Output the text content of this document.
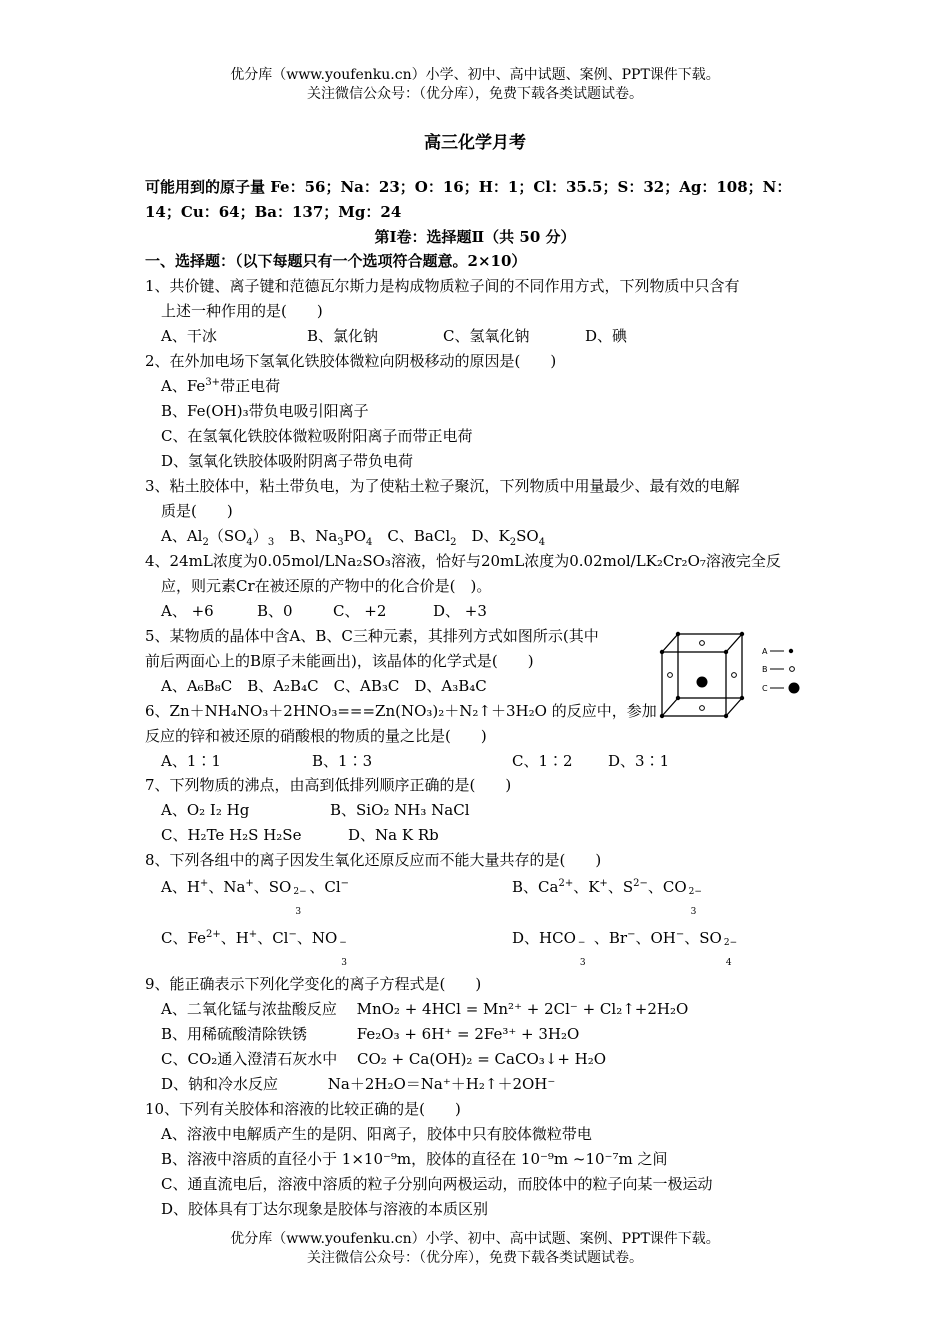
优分库（www.youfenku.cn）小学、初中、高中试题、案例、PPT课件下载。
关注微信公众号：（优分库），免费下载各类试题试卷。
高三化学月考
可能用到的原子量 Fe：56；Na：23；O：16；H：1；Cl：35.5；S：32；Ag：108；N：
14；Cu：64；Ba：137；Mg：24
第Ⅰ卷：选择题Ⅱ（共 50 分）
一、选择题：（以下每题只有一个选项符合题意。2×10）
1、共价键、离子键和范德瓦尔斯力是构成物质粒子间的不同作用方式，下列物质中只含有
上述一种作用的是(　　)
A、干冰	B、氯化钠	C、氢氧化钠	D、碘
2、在外加电场下氢氧化铁胶体微粒向阴极移动的原因是(　　)
A、$Fe^{3+}$带正电荷
B、Fe(OH)₃带负电吸引阳离子
C、在氢氧化铁胶体微粒吸附阳离子而带正电荷
D、氢氧化铁胶体吸附阴离子带负电荷
3、粘土胶体中，粘土带负电，为了使粘土粒子聚沉，下列物质中用量最少、最有效的电解
质是(　　)
A、$Al_2(SO_4)_3$　B、$Na_3PO_4$　C、BaCl$_2$　D、$K_2SO_4$
4、24mL浓度为0.05mol/LNa₂SO₃溶液，恰好与20mL浓度为0.02mol/LK₂Cr₂O₇溶液完全反
应，则元素Cr在被还原的产物中的化合价是(　)。
A、 +6	B、0	C、 +2	D、 +3
5、某物质的晶体中含A、B、C三种元素，其排列方式如图所示(其中
前后两面心上的B原子未能画出)，该晶体的化学式是(　　)
A、A₆B₈C　B、A₂B₄C　C、AB₃C　D、A₃B₄C
A
B
C
6、Zn＋NH₄NO₃＋2HNO₃===Zn(NO₃)₂＋N₂↑＋3H₂O 的反应中，参加
反应的锌和被还原的硝酸根的物质的量之比是(　　)
A、1∶1	B、1∶3	C、1∶2 D、3∶1
7、下列物质的沸点，由高到低排列顺序正确的是(　　)
A、O₂ I₂ Hg	B、SiO₂ NH₃ NaCl
C、H₂Te H₂S H₂Se	D、Na K Rb
8、下列各组中的离子因发生氧化还原反应而不能大量共存的是(　　)
A、H+、Na+、SO 2−
3
、Cl−	B、$Ca^{2+}$、K+、$S^{2-}$、CO 2−
3
C、$Fe^{2+}$、H+、Cl−、NO −
3
D、HCO −
3
、Br−、OH−、SO 2−
4
9、能正确表示下列化学变化的离子方程式是(　　)
A、二氧化锰与浓盐酸反应　 MnO₂ + 4HCl = Mn²⁺ + 2Cl⁻ + Cl₂↑+2H₂O
B、用稀硫酸清除铁锈　　　 Fe₂O₃ + 6H⁺ = 2Fe³⁺ + 3H₂O
C、CO₂通入澄清石灰水中　 CO₂ + Ca(OH)₂ = CaCO₃↓+ H₂O
D、钠和冷水反应　　　 Na＋2H₂O＝Na⁺＋H₂↑＋2OH⁻
10、下列有关胶体和溶液的比较正确的是(　　)
A、溶液中电解质产生的是阴、阳离子，胶体中只有胶体微粒带电
B、溶液中溶质的直径小于 1×10⁻⁹m，胶体的直径在 10⁻⁹m ~10⁻⁷m 之间
C、通直流电后，溶液中溶质的粒子分别向两极运动，而胶体中的粒子向某一极运动
D、胶体具有丁达尔现象是胶体与溶液的本质区别
优分库（www.youfenku.cn）小学、初中、高中试题、案例、PPT课件下载。
关注微信公众号：（优分库），免费下载各类试题试卷。
